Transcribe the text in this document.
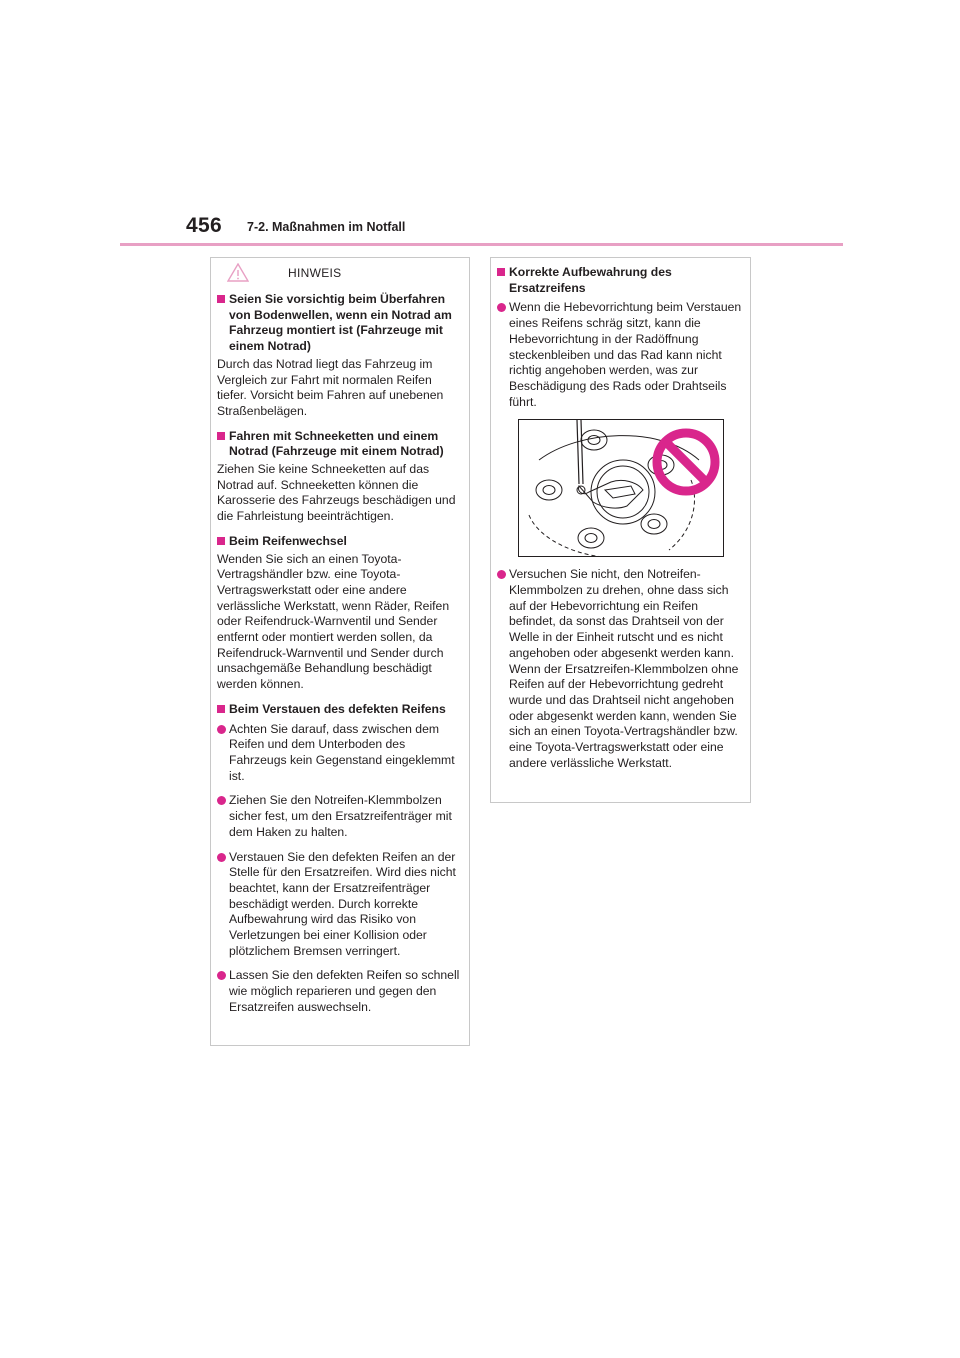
456 7-2. Maßnahmen im Notfall
HINWEIS
Seien Sie vorsichtig beim Überfahren von Bodenwellen, wenn ein Notrad am Fahrzeug montiert ist (Fahrzeuge mit einem Notrad)
Durch das Notrad liegt das Fahrzeug im Vergleich zur Fahrt mit normalen Reifen tiefer. Vorsicht beim Fahren auf unebenen Straßenbelägen.
Fahren mit Schneeketten und einem Notrad (Fahrzeuge mit einem Notrad)
Ziehen Sie keine Schneeketten auf das Notrad auf. Schneeketten können die Karosserie des Fahrzeugs beschädigen und die Fahrleistung beeinträchtigen.
Beim Reifenwechsel
Wenden Sie sich an einen Toyota-Vertragshändler bzw. eine Toyota-Vertragswerkstatt oder eine andere verlässliche Werkstatt, wenn Räder, Reifen oder Reifendruck-Warnventil und Sender entfernt oder montiert werden sollen, da Reifendruck-Warnventil und Sender durch unsachgemäße Behandlung beschädigt werden können.
Beim Verstauen des defekten Reifens
Achten Sie darauf, dass zwischen dem Reifen und dem Unterboden des Fahrzeugs kein Gegenstand eingeklemmt ist.
Ziehen Sie den Notreifen-Klemmbolzen sicher fest, um den Ersatzreifenträger mit dem Haken zu halten.
Verstauen Sie den defekten Reifen an der Stelle für den Ersatzreifen. Wird dies nicht beachtet, kann der Ersatzreifenträger beschädigt werden. Durch korrekte Aufbewahrung wird das Risiko von Verletzungen bei einer Kollision oder plötzlichem Bremsen verringert.
Lassen Sie den defekten Reifen so schnell wie möglich reparieren und gegen den Ersatzreifen auswechseln.
Korrekte Aufbewahrung des Ersatzreifens
Wenn die Hebevorrichtung beim Verstauen eines Reifens schräg sitzt, kann die Hebevorrichtung in der Radöffnung steckenbleiben und das Rad kann nicht richtig angehoben werden, was zur Beschädigung des Rads oder Drahtseils führt.
Versuchen Sie nicht, den Notreifen-Klemmbolzen zu drehen, ohne dass sich auf der Hebevorrichtung ein Reifen befindet, da sonst das Drahtseil von der Welle in der Einheit rutscht und es nicht angehoben oder abgesenkt werden kann. Wenn der Ersatzreifen-Klemmbolzen ohne Reifen auf der Hebevorrichtung gedreht wurde und das Drahtseil nicht angehoben oder abgesenkt werden kann, wenden Sie sich an einen Toyota-Vertragshändler bzw. eine Toyota-Vertragswerkstatt oder eine andere verlässliche Werkstatt.
